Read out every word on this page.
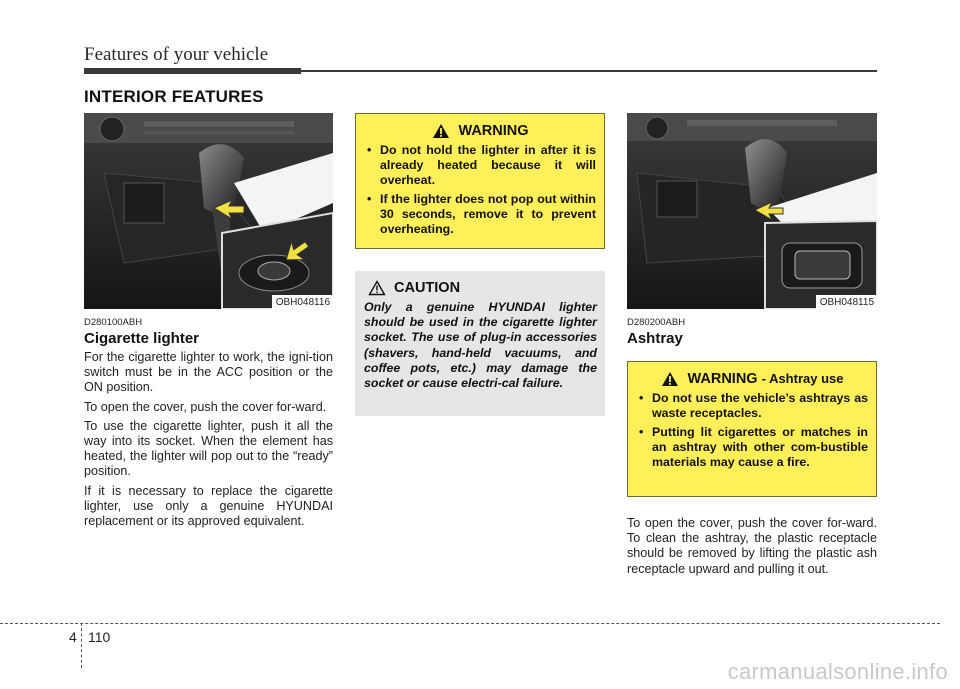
Features of your vehicle
INTERIOR FEATURES
OBH048116
D280100ABH
Cigarette lighter

For the cigarette lighter to work, the igni-tion switch must be in the ACC position or the ON position.

To open the cover, push the cover for-ward.

To use the cigarette lighter, push it all the way into its socket. When the element has heated, the lighter will pop out to the “ready” position.

If it is necessary to replace the cigarette lighter, use only a genuine HYUNDAI replacement or its approved equivalent.

WARNING
• Do not hold the lighter in after it is already heated because it will overheat.
• If the lighter does not pop out within 30 seconds, remove it to prevent overheating.
CAUTION
Only a genuine HYUNDAI lighter should be used in the cigarette lighter socket. The use of plug-in accessories (shavers, hand-held vacuums, and coffee pots, etc.) may damage the socket or cause electri-cal failure.
OBH048115
D280200ABH
Ashtray
WARNING - Ashtray use
• Do not use the vehicle’s ashtrays as waste receptacles.
• Putting lit cigarettes or matches in an ashtray with other com-bustible materials may cause a fire.

To open the cover, push the cover for-ward. To clean the ashtray, the plastic receptacle should be removed by lifting the plastic ash receptacle upward and pulling it out.

4 110
carmanualsonline.info
